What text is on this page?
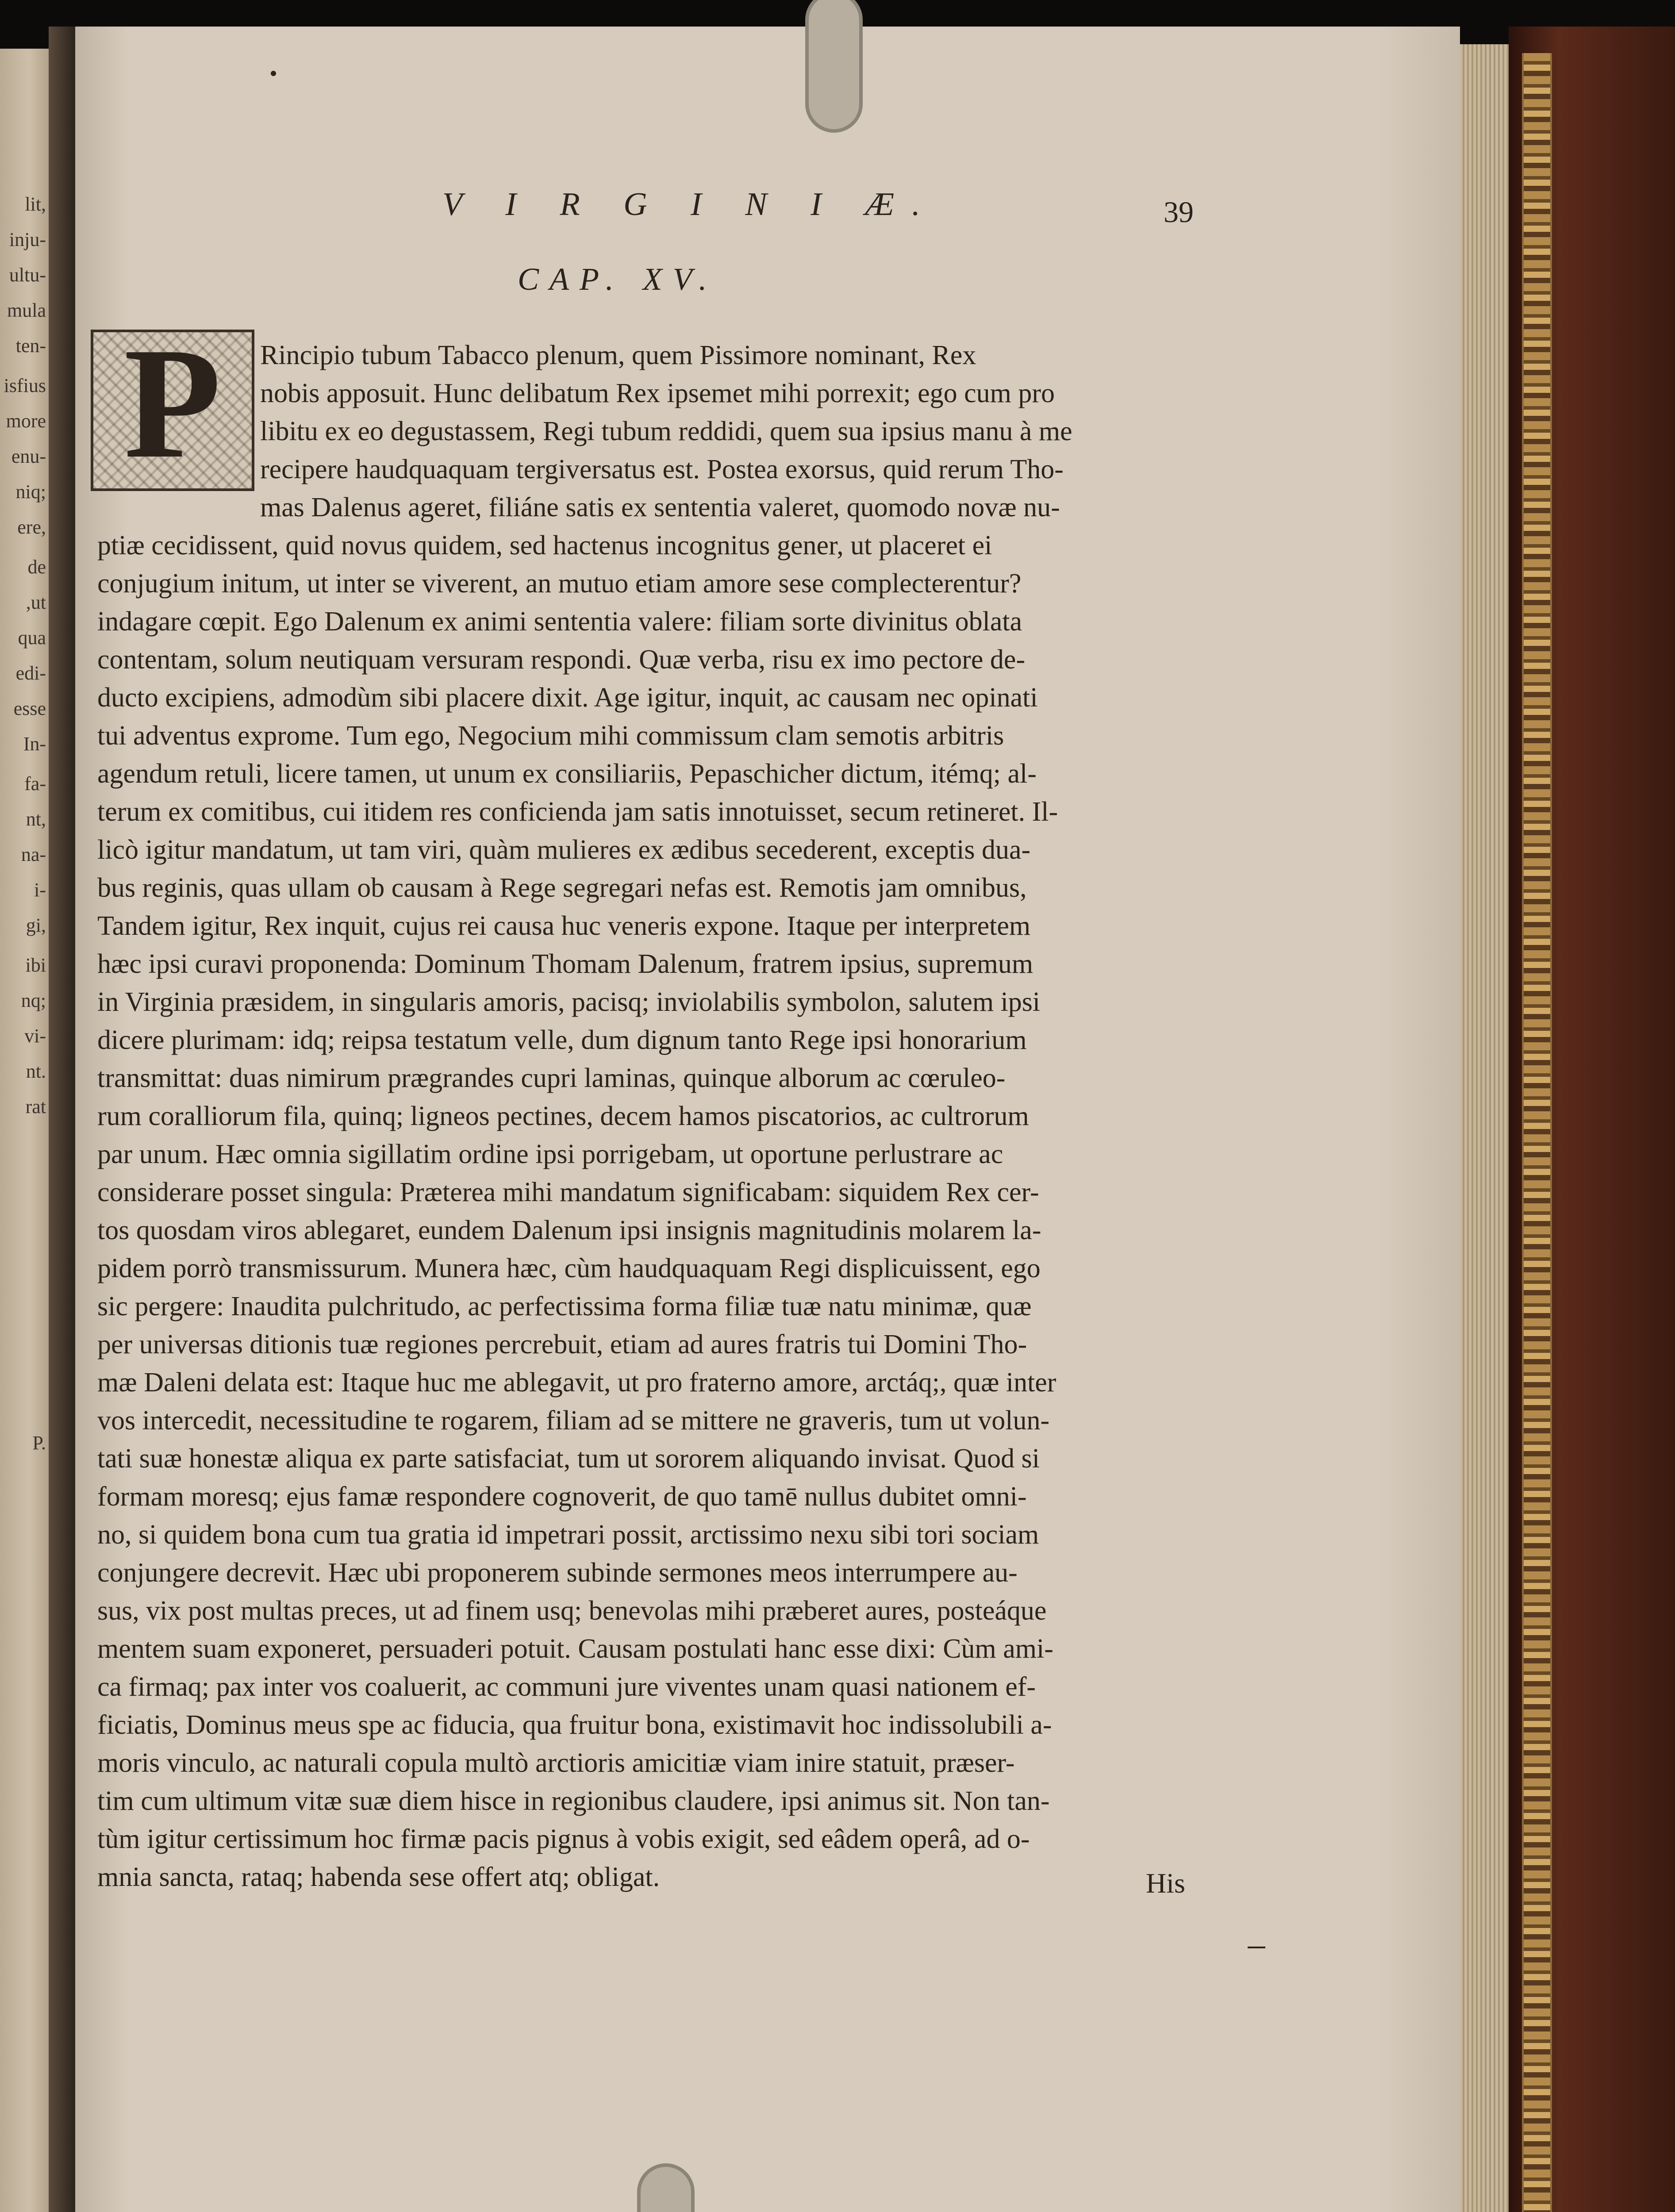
lit,
inju-
ultu-
mula
ten-
isfius
more
enu-
niq;
ere,
de
,ut
qua
edi-
esse
In-
fa-
nt,
na-
i-
gi,
ibi
nq;
vi-
nt.
rat
P.
V I R G I N I Æ.	39
CAP. XV.
P	Rincipio tubum Tabacco plenum, quem Pissimore nominant, Rex
nobis apposuit. Hunc delibatum Rex ipsemet mihi porrexit; ego cum pro
libitu ex eo degustassem, Regi tubum reddidi, quem sua ipsius manu à me
recipere haudquaquam tergiversatus est. Postea exorsus, quid rerum Tho-
mas Dalenus ageret, filiáne satis ex sententia valeret, quomodo novæ nu-
ptiæ cecidissent, quid novus quidem, sed hactenus incognitus gener, ut placeret ei
conjugium initum, ut inter se viverent, an mutuo etiam amore sese complecterentur?
indagare cœpit. Ego Dalenum ex animi sententia valere: filiam sorte divinitus oblata
contentam, solum neutiquam versuram respondi. Quæ verba, risu ex imo pectore de-
ducto excipiens, admodùm sibi placere dixit. Age igitur, inquit, ac causam nec opinati
tui adventus exprome. Tum ego, Negocium mihi commissum clam semotis arbitris
agendum retuli, licere tamen, ut unum ex consiliariis, Pepaschicher dictum, itémq; al-
terum ex comitibus, cui itidem res conficienda jam satis innotuisset, secum retineret. Il-
licò igitur mandatum, ut tam viri, quàm mulieres ex ædibus secederent, exceptis dua-
bus reginis, quas ullam ob causam à Rege segregari nefas est. Remotis jam omnibus,
Tandem igitur, Rex inquit, cujus rei causa huc veneris expone. Itaque per interpretem
hæc ipsi curavi proponenda: Dominum Thomam Dalenum, fratrem ipsius, supremum
in Virginia præsidem, in singularis amoris, pacisq; inviolabilis symbolon, salutem ipsi
dicere plurimam: idq; reipsa testatum velle, dum dignum tanto Rege ipsi honorarium
transmittat: duas nimirum prægrandes cupri laminas, quinque alborum ac cœruleo-
rum coralliorum fila, quinq; ligneos pectines, decem hamos piscatorios, ac cultrorum
par unum. Hæc omnia sigillatim ordine ipsi porrigebam, ut oportune perlustrare ac
considerare posset singula: Præterea mihi mandatum significabam: siquidem Rex cer-
tos quosdam viros ablegaret, eundem Dalenum ipsi insignis magnitudinis molarem la-
pidem porrò transmissurum. Munera hæc, cùm haudquaquam Regi displicuissent, ego
sic pergere: Inaudita pulchritudo, ac perfectissima forma filiæ tuæ natu minimæ, quæ
per universas ditionis tuæ regiones percrebuit, etiam ad aures fratris tui Domini Tho-
mæ Daleni delata est: Itaque huc me ablegavit, ut pro fraterno amore, arctáq;, quæ inter
vos intercedit, necessitudine te rogarem, filiam ad se mittere ne graveris, tum ut volun-
tati suæ honestæ aliqua ex parte satisfaciat, tum ut sororem aliquando invisat. Quod si
formam moresq; ejus famæ respondere cognoverit, de quo tamē nullus dubitet omni-
no, si quidem bona cum tua gratia id impetrari possit, arctissimo nexu sibi tori sociam
conjungere decrevit. Hæc ubi proponerem subinde sermones meos interrumpere au-
sus, vix post multas preces, ut ad finem usq; benevolas mihi præberet aures, posteáque
mentem suam exponeret, persuaderi potuit. Causam postulati hanc esse dixi: Cùm ami-
ca firmaq; pax inter vos coaluerit, ac communi jure viventes unam quasi nationem ef-
ficiatis, Dominus meus spe ac fiducia, qua fruitur bona, existimavit hoc indissolubili a-
moris vinculo, ac naturali copula multò arctioris amicitiæ viam inire statuit, præser-
tim cum ultimum vitæ suæ diem hisce in regionibus claudere, ipsi animus sit. Non tan-
tùm igitur certissimum hoc firmæ pacis pignus à vobis exigit, sed eâdem operâ, ad o-
mnia sancta, rataq; habenda sese offert atq; obligat.	His
